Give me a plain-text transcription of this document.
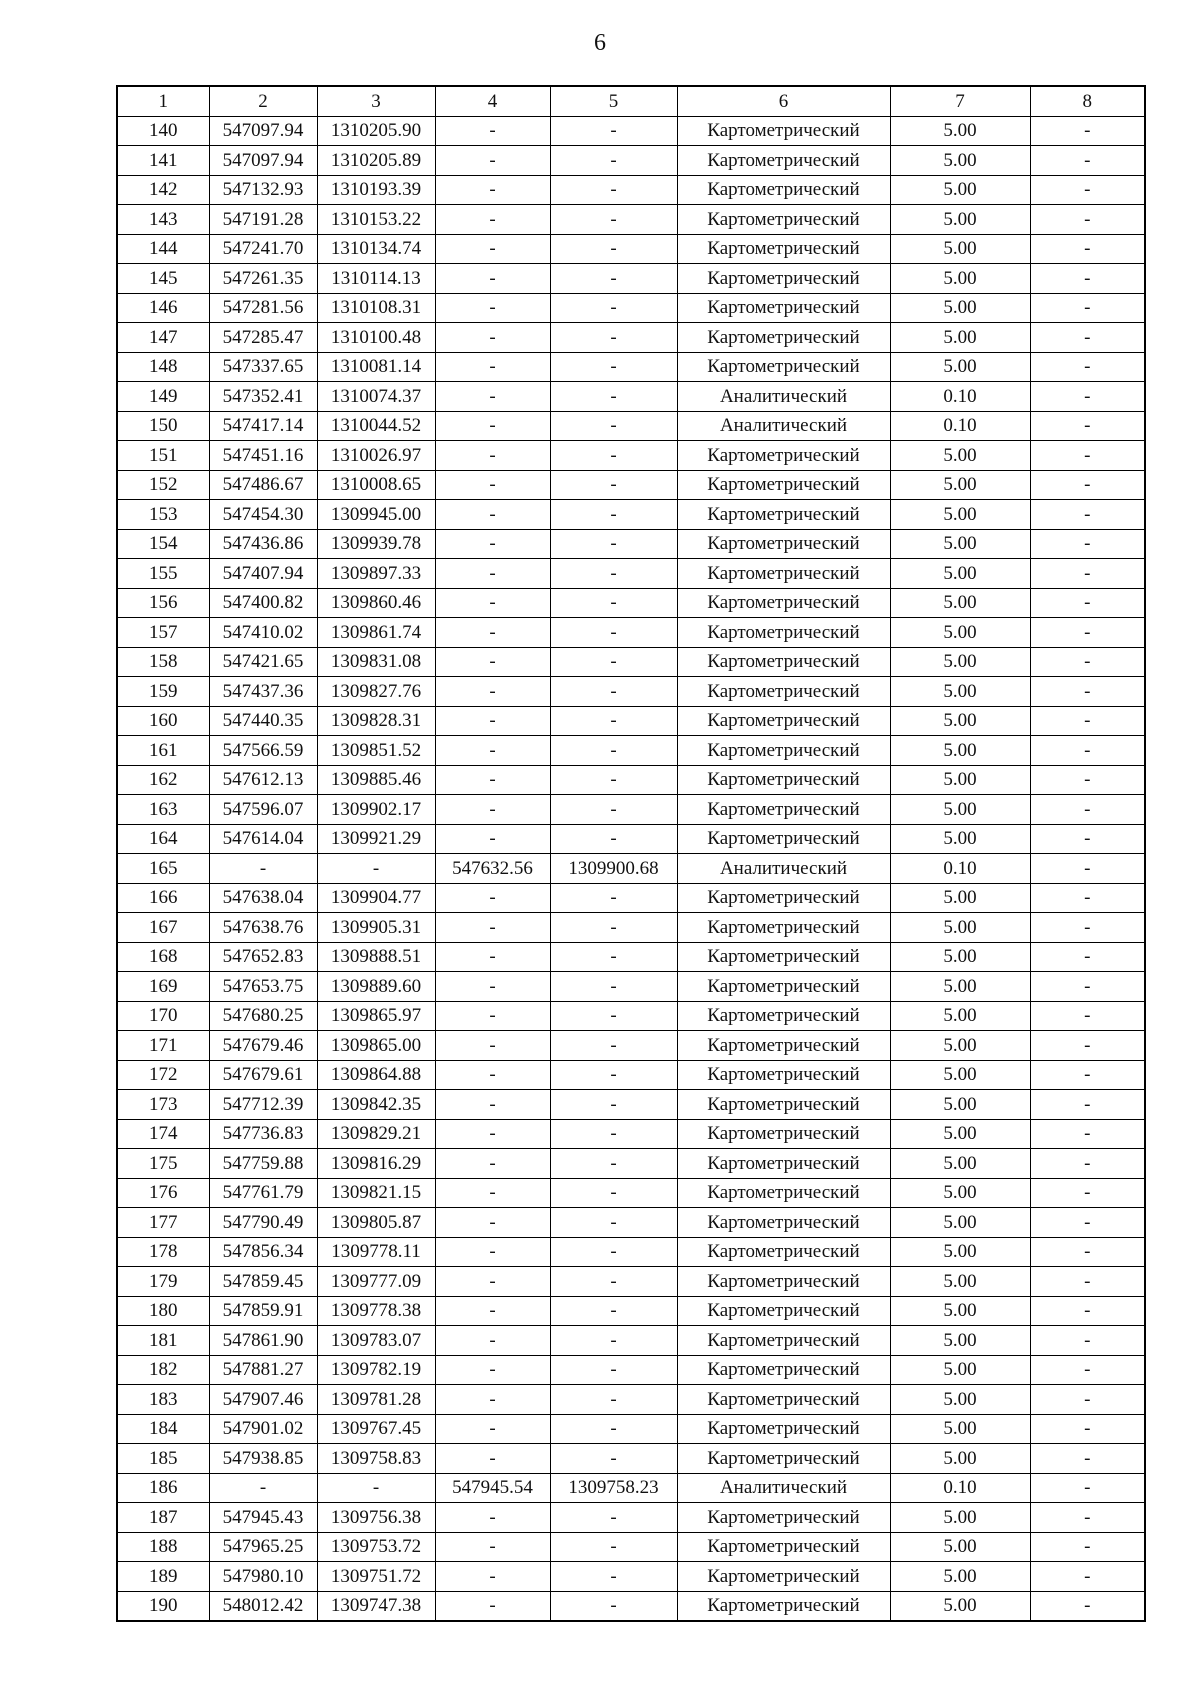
6
1	2	3	4	5	6	7	8
140	547097.94	1310205.90	-	-	Картометрический	5.00	-
141	547097.94	1310205.89	-	-	Картометрический	5.00	-
142	547132.93	1310193.39	-	-	Картометрический	5.00	-
143	547191.28	1310153.22	-	-	Картометрический	5.00	-
144	547241.70	1310134.74	-	-	Картометрический	5.00	-
145	547261.35	1310114.13	-	-	Картометрический	5.00	-
146	547281.56	1310108.31	-	-	Картометрический	5.00	-
147	547285.47	1310100.48	-	-	Картометрический	5.00	-
148	547337.65	1310081.14	-	-	Картометрический	5.00	-
149	547352.41	1310074.37	-	-	Аналитический	0.10	-
150	547417.14	1310044.52	-	-	Аналитический	0.10	-
151	547451.16	1310026.97	-	-	Картометрический	5.00	-
152	547486.67	1310008.65	-	-	Картометрический	5.00	-
153	547454.30	1309945.00	-	-	Картометрический	5.00	-
154	547436.86	1309939.78	-	-	Картометрический	5.00	-
155	547407.94	1309897.33	-	-	Картометрический	5.00	-
156	547400.82	1309860.46	-	-	Картометрический	5.00	-
157	547410.02	1309861.74	-	-	Картометрический	5.00	-
158	547421.65	1309831.08	-	-	Картометрический	5.00	-
159	547437.36	1309827.76	-	-	Картометрический	5.00	-
160	547440.35	1309828.31	-	-	Картометрический	5.00	-
161	547566.59	1309851.52	-	-	Картометрический	5.00	-
162	547612.13	1309885.46	-	-	Картометрический	5.00	-
163	547596.07	1309902.17	-	-	Картометрический	5.00	-
164	547614.04	1309921.29	-	-	Картометрический	5.00	-
165	-	-	547632.56	1309900.68	Аналитический	0.10	-
166	547638.04	1309904.77	-	-	Картометрический	5.00	-
167	547638.76	1309905.31	-	-	Картометрический	5.00	-
168	547652.83	1309888.51	-	-	Картометрический	5.00	-
169	547653.75	1309889.60	-	-	Картометрический	5.00	-
170	547680.25	1309865.97	-	-	Картометрический	5.00	-
171	547679.46	1309865.00	-	-	Картометрический	5.00	-
172	547679.61	1309864.88	-	-	Картометрический	5.00	-
173	547712.39	1309842.35	-	-	Картометрический	5.00	-
174	547736.83	1309829.21	-	-	Картометрический	5.00	-
175	547759.88	1309816.29	-	-	Картометрический	5.00	-
176	547761.79	1309821.15	-	-	Картометрический	5.00	-
177	547790.49	1309805.87	-	-	Картометрический	5.00	-
178	547856.34	1309778.11	-	-	Картометрический	5.00	-
179	547859.45	1309777.09	-	-	Картометрический	5.00	-
180	547859.91	1309778.38	-	-	Картометрический	5.00	-
181	547861.90	1309783.07	-	-	Картометрический	5.00	-
182	547881.27	1309782.19	-	-	Картометрический	5.00	-
183	547907.46	1309781.28	-	-	Картометрический	5.00	-
184	547901.02	1309767.45	-	-	Картометрический	5.00	-
185	547938.85	1309758.83	-	-	Картометрический	5.00	-
186	-	-	547945.54	1309758.23	Аналитический	0.10	-
187	547945.43	1309756.38	-	-	Картометрический	5.00	-
188	547965.25	1309753.72	-	-	Картометрический	5.00	-
189	547980.10	1309751.72	-	-	Картометрический	5.00	-
190	548012.42	1309747.38	-	-	Картометрический	5.00	-
